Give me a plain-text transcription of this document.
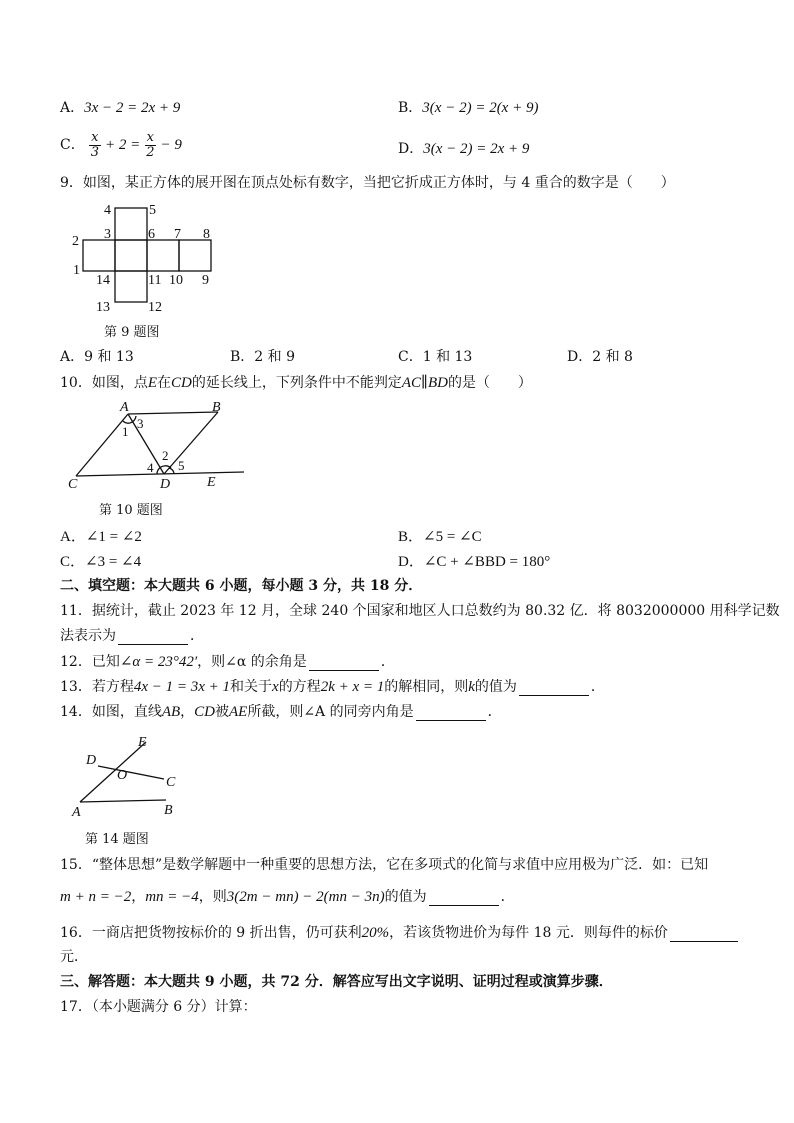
A．3x − 2 = 2x + 9	B．3(x − 2) = 2(x + 9)
C． $\frac{x}{3} + 2 = \frac{x}{2} - 9$	D．3(x − 2) = 2x + 9
9．如图，某正方体的展开图在顶点处标有数字，当把它折成正方体时，与 4 重合的数字是（　　）
4	5
2 3	6 7 8
1
14	11 10 9
13	12
第 9 题图
A．9 和 13	B．2 和 9	C．1 和 13	D．2 和 8
10．如图，点E在CD的延长线上，下列条件中不能判定AC∥BD的是（　　）
A	B
C	D	E
1
3
2
4 5
第 10 题图
A．∠1 = ∠2	B．∠5 = ∠C
C．∠3 = ∠4	D．∠C + ∠BBD = 180°
二、填空题：本大题共 6 小题，每小题 3 分，共 18 分．
11．据统计，截止 2023 年 12 月，全球 240 个国家和地区人口总数约为 80.32 亿．将 8032000000 用科学记数
法表示为	．
12．已知∠α = 23°42′，则∠α 的余角是	．
13．若方程4x − 1 = 3x + 1和关于x的方程2k + x = 1的解相同，则k的值为	．
14．如图，直线AB，CD被AE所截，则∠A 的同旁内角是	．
E
D
O	C
A	B
第 14 题图
15．“整体思想”是数学解题中一种重要的思想方法，它在多项式的化简与求值中应用极为广泛．如：已知
m + n = −2，mn = −4，则3(2m − mn) − 2(mn − 3n)的值为	．
16．一商店把货物按标价的 9 折出售，仍可获利20%，若该货物进价为每件 18 元．则每件的标价
元．
三、解答题：本大题共 9 小题，共 72 分．解答应写出文字说明、证明过程或演算步骤．
17．（本小题满分 6 分）计算：
